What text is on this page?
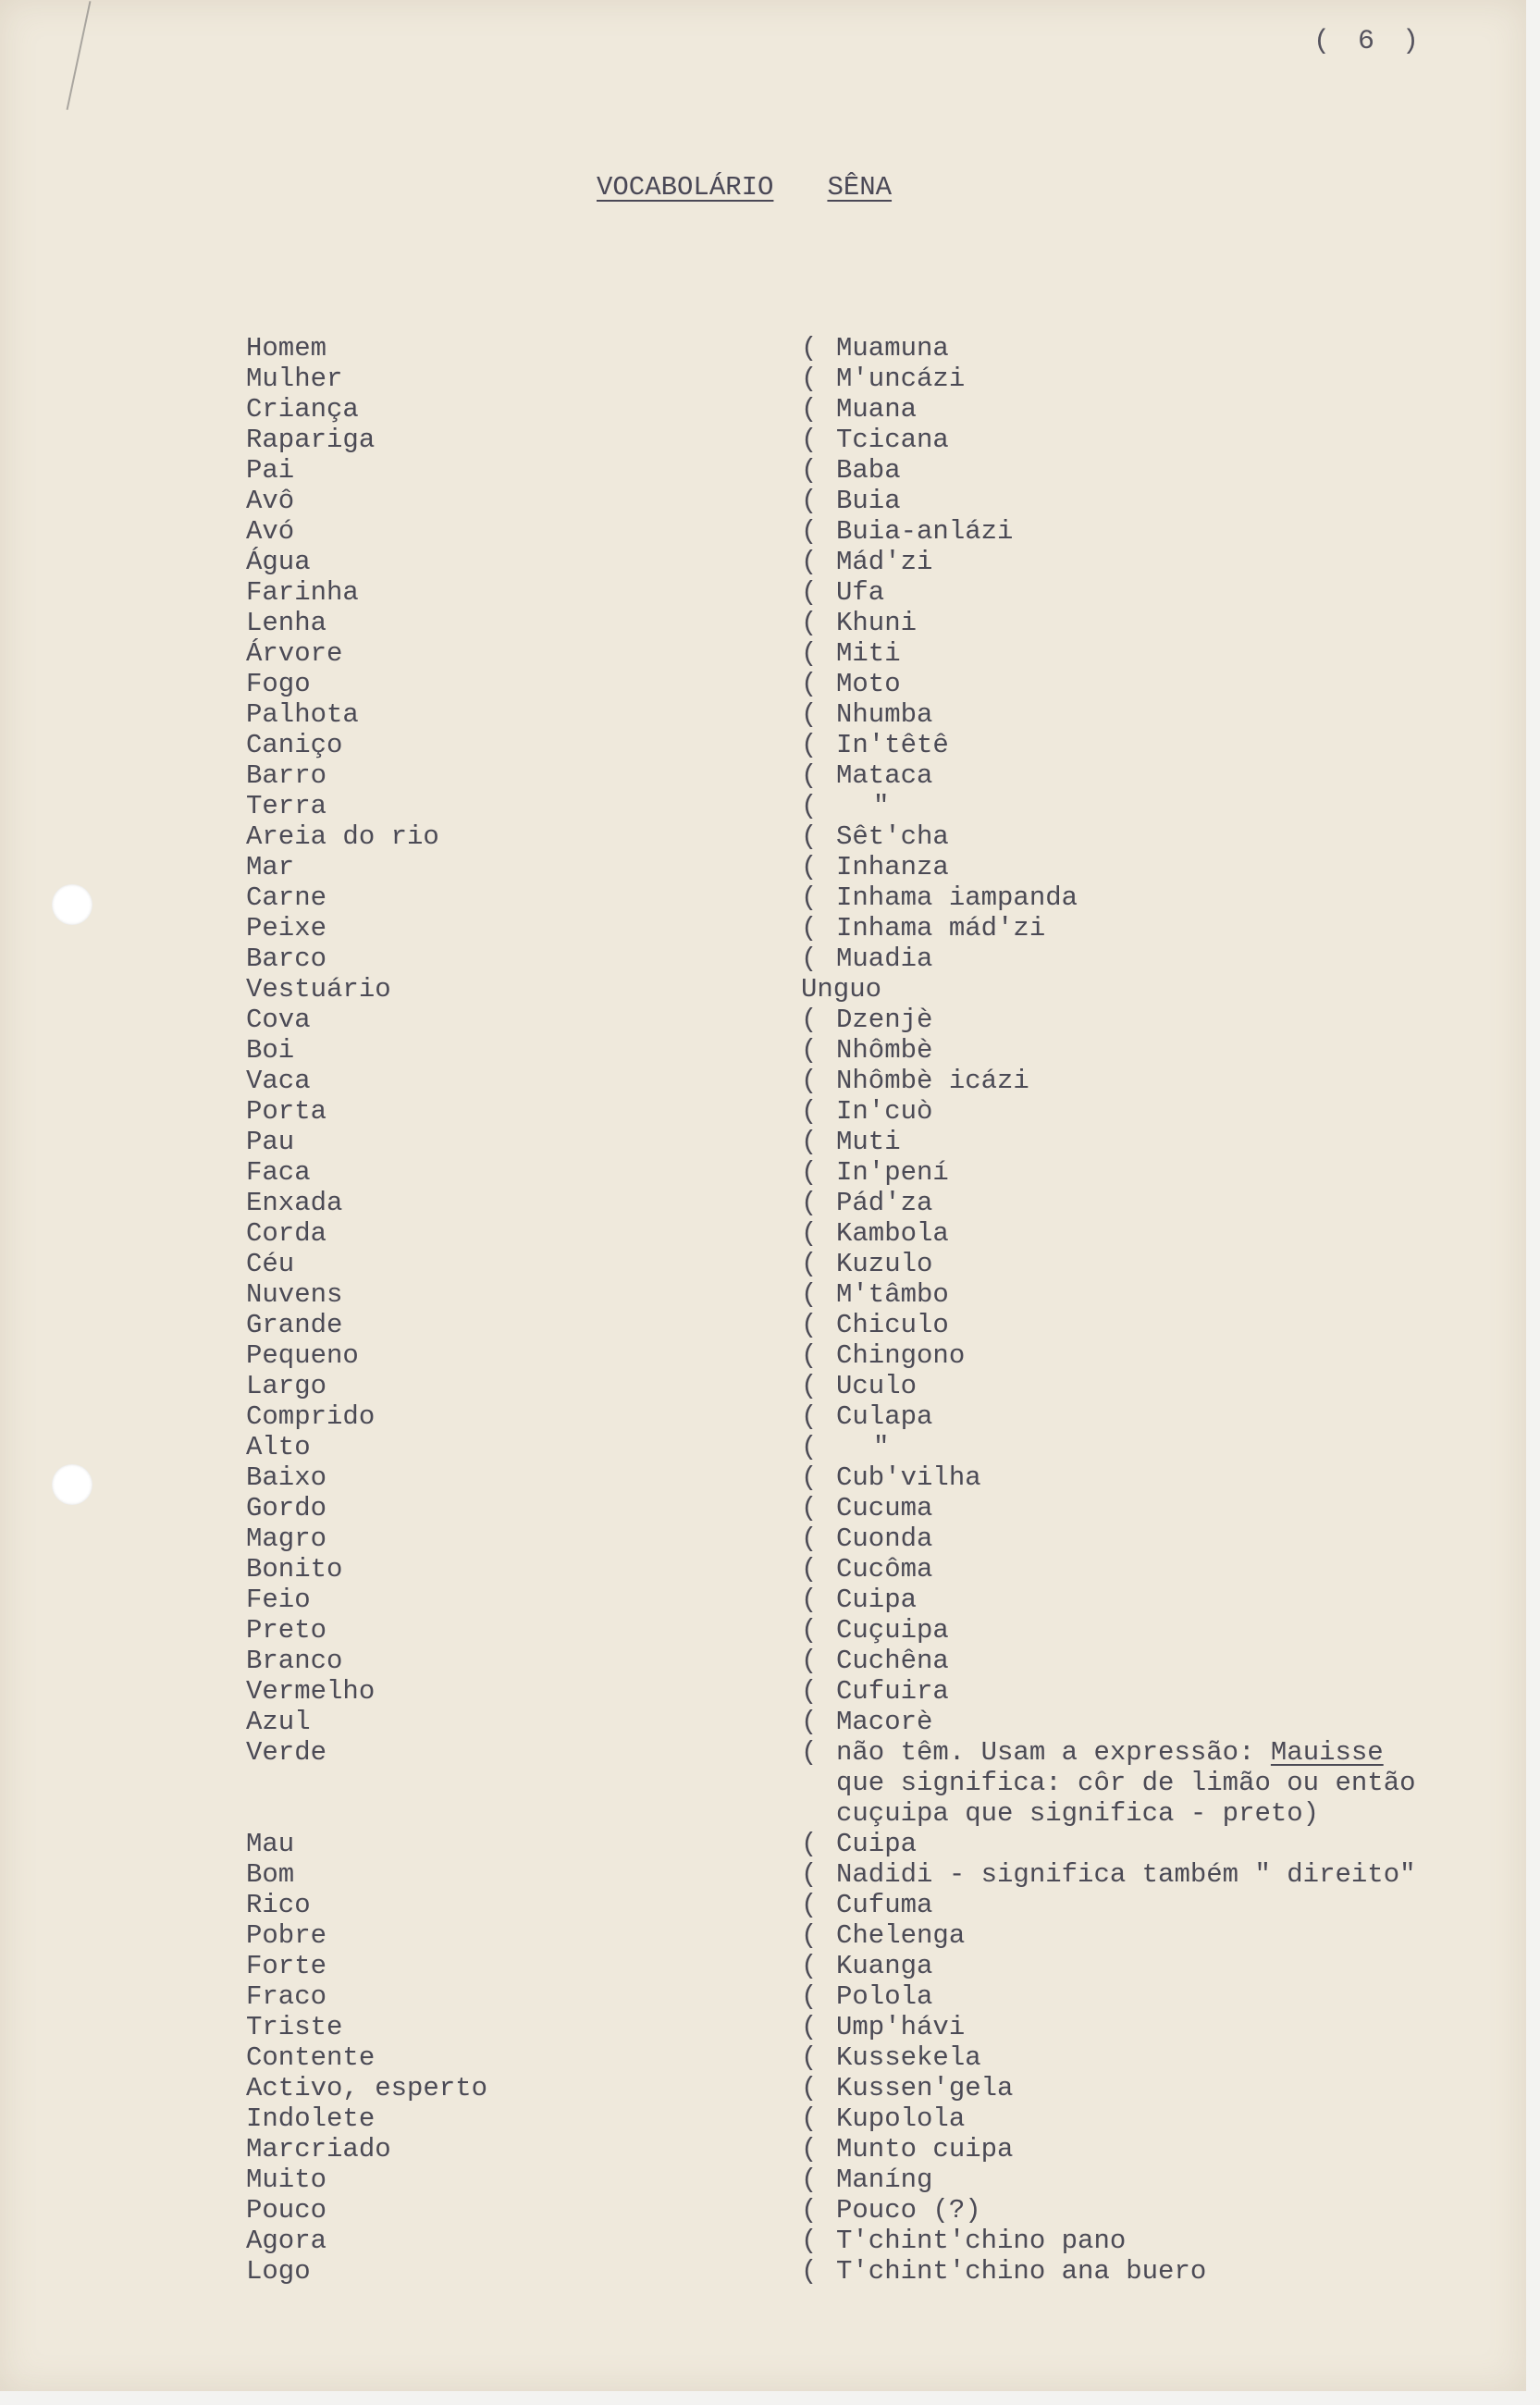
( 6 )
VOCABOLÁRIO SÊNA
Homem	( Muamuna
Mulher	( M'uncázi
Criança	( Muana
Rapariga	( Tcicana
Pai	( Baba
Avô	( Buia
Avó	( Buia-anlázi
Água	( Mád'zi
Farinha	( Ufa
Lenha	( Khuni
Árvore	( Miti
Fogo	( Moto
Palhota	( Nhumba
Caniço	( In'têtê
Barro	( Mataca
Terra	( "
Areia do rio	( Sêt'cha
Mar	( Inhanza
Carne	( Inhama iampanda
Peixe	( Inhama mád'zi
Barco	( Muadia
Vestuário	Unguo
Cova	( Dzenjè
Boi	( Nhômbè
Vaca	( Nhômbè icázi
Porta	( In'cuò
Pau	( Muti
Faca	( In'pení
Enxada	( Pád'za
Corda	( Kambola
Céu	( Kuzulo
Nuvens	( M'tâmbo
Grande	( Chiculo
Pequeno	( Chingono
Largo	( Uculo
Comprido	( Culapa
Alto	( "
Baixo	( Cub'vilha
Gordo	( Cucuma
Magro	( Cuonda
Bonito	( Cucôma
Feio	( Cuipa
Preto	( Cuçuipa
Branco	( Cuchêna
Vermelho	( Cufuira
Azul	( Macorè
Verde	( não têm. Usam a expressão: Mauisse
que significa: côr de limão ou então
cuçuipa que significa - preto)
Mau	( Cuipa
Bom	( Nadidi - significa também " direito"
Rico	( Cufuma
Pobre	( Chelenga
Forte	( Kuanga
Fraco	( Polola
Triste	( Ump'hávi
Contente	( Kussekela
Activo, esperto	( Kussen'gela
Indolete	( Kupolola
Marcriado	( Munto cuipa
Muito	( Maníng
Pouco	( Pouco (?)
Agora	( T'chint'chino pano
Logo	( T'chint'chino ana buero
